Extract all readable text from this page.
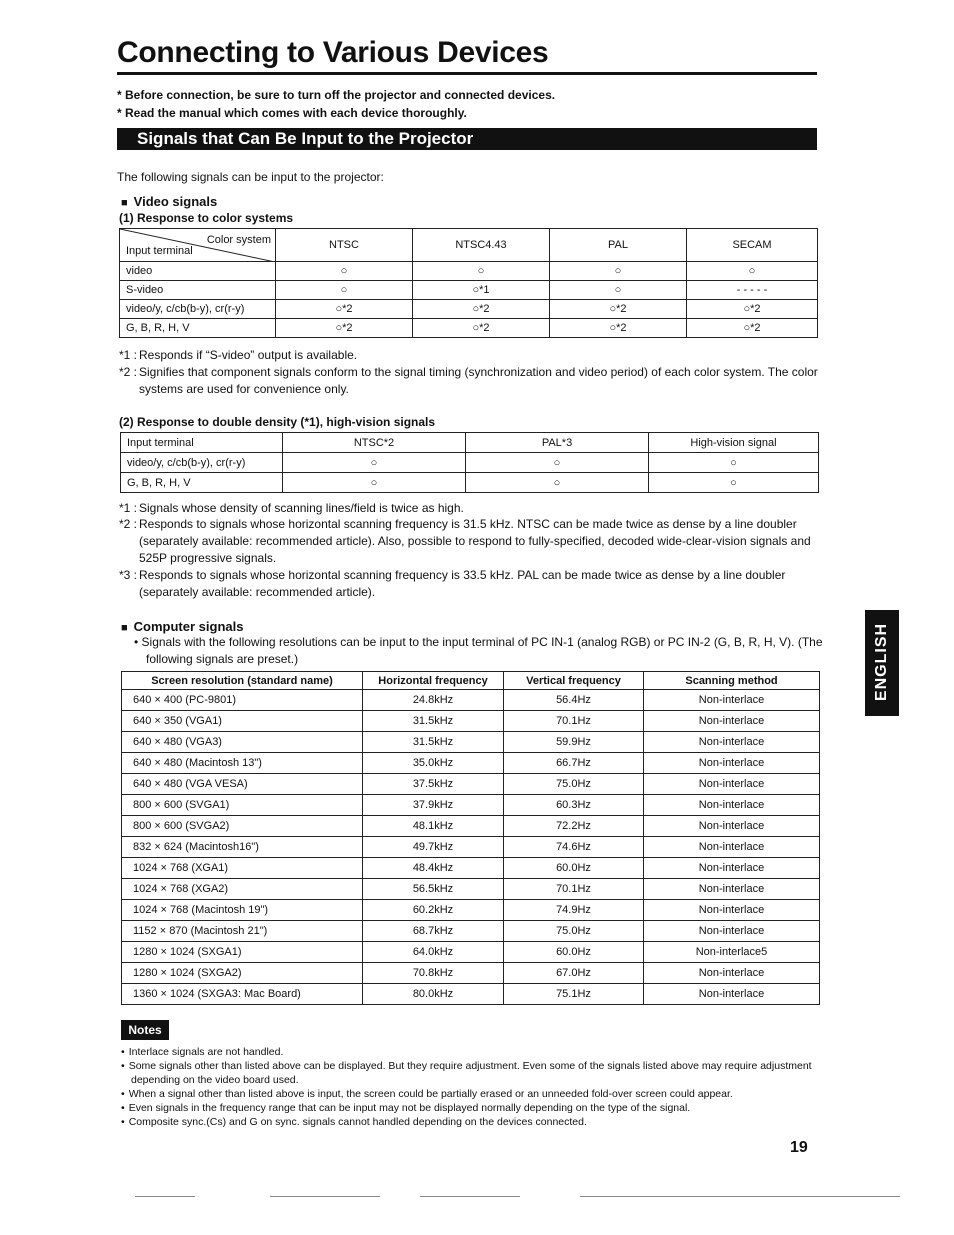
Connecting to Various Devices
* Before connection, be sure to turn off the projector and connected devices.
* Read the manual which comes with each device thoroughly.
Signals that Can Be Input to the Projector
The following signals can be input to the projector:
■ Video signals
(1) Response to color systems
Color system
Input terminal	NTSC	NTSC4.43	PAL	SECAM
video	○	○	○	○
S-video	○	○*1	○	- - - - -
video/y, c/cb(b-y), cr(r-y)	○*2	○*2	○*2	○*2
G, B, R, H, V	○*2	○*2	○*2	○*2
*1 : Responds if “S-video” output is available.
*2 : Signifies that component signals conform to the signal timing (synchronization and video period) of each color system. The color systems are used for convenience only.
(2) Response to double density (*1), high-vision signals
Input terminal	NTSC*2	PAL*3	High-vision signal
video/y, c/cb(b-y), cr(r-y)	○	○	○
G, B, R, H, V	○	○	○
*1 : Signals whose density of scanning lines/field is twice as high.
*2 : Responds to signals whose horizontal scanning frequency is 31.5 kHz. NTSC can be made twice as dense by a line doubler (separately available: recommended article). Also, possible to respond to fully-specified, decoded wide-clear-vision signals and 525P progressive signals.
*3 : Responds to signals whose horizontal scanning frequency is 33.5 kHz. PAL can be made twice as dense by a line doubler (separately available: recommended article).
■ Computer signals
• Signals with the following resolutions can be input to the input terminal of PC IN-1 (analog RGB) or PC IN-2 (G, B, R, H, V). (The following signals are preset.)
Screen resolution (standard name)	Horizontal frequency	Vertical frequency	Scanning method
640 × 400 (PC-9801)	24.8kHz	56.4Hz	Non-interlace
640 × 350 (VGA1)	31.5kHz	70.1Hz	Non-interlace
640 × 480 (VGA3)	31.5kHz	59.9Hz	Non-interlace
640 × 480 (Macintosh 13")	35.0kHz	66.7Hz	Non-interlace
640 × 480 (VGA VESA)	37.5kHz	75.0Hz	Non-interlace
800 × 600 (SVGA1)	37.9kHz	60.3Hz	Non-interlace
800 × 600 (SVGA2)	48.1kHz	72.2Hz	Non-interlace
832 × 624 (Macintosh16")	49.7kHz	74.6Hz	Non-interlace
1024 × 768 (XGA1)	48.4kHz	60.0Hz	Non-interlace
1024 × 768 (XGA2)	56.5kHz	70.1Hz	Non-interlace
1024 × 768 (Macintosh 19")	60.2kHz	74.9Hz	Non-interlace
1152 × 870 (Macintosh 21")	68.7kHz	75.0Hz	Non-interlace
1280 × 1024 (SXGA1)	64.0kHz	60.0Hz	Non-interlace5
1280 × 1024 (SXGA2)	70.8kHz	67.0Hz	Non-interlace
1360 × 1024 (SXGA3: Mac Board)	80.0kHz	75.1Hz	Non-interlace
ENGLISH
Notes
• Interlace signals are not handled.
• Some signals other than listed above can be displayed. But they require adjustment. Even some of the signals listed above may require adjustment depending on the video board used.
• When a signal other than listed above is input, the screen could be partially erased or an unneeded fold-over screen could appear.
• Even signals in the frequency range that can be input may not be displayed normally depending on the type of the signal.
• Composite sync.(Cs) and G on sync. signals cannot handled depending on the devices connected.
19
